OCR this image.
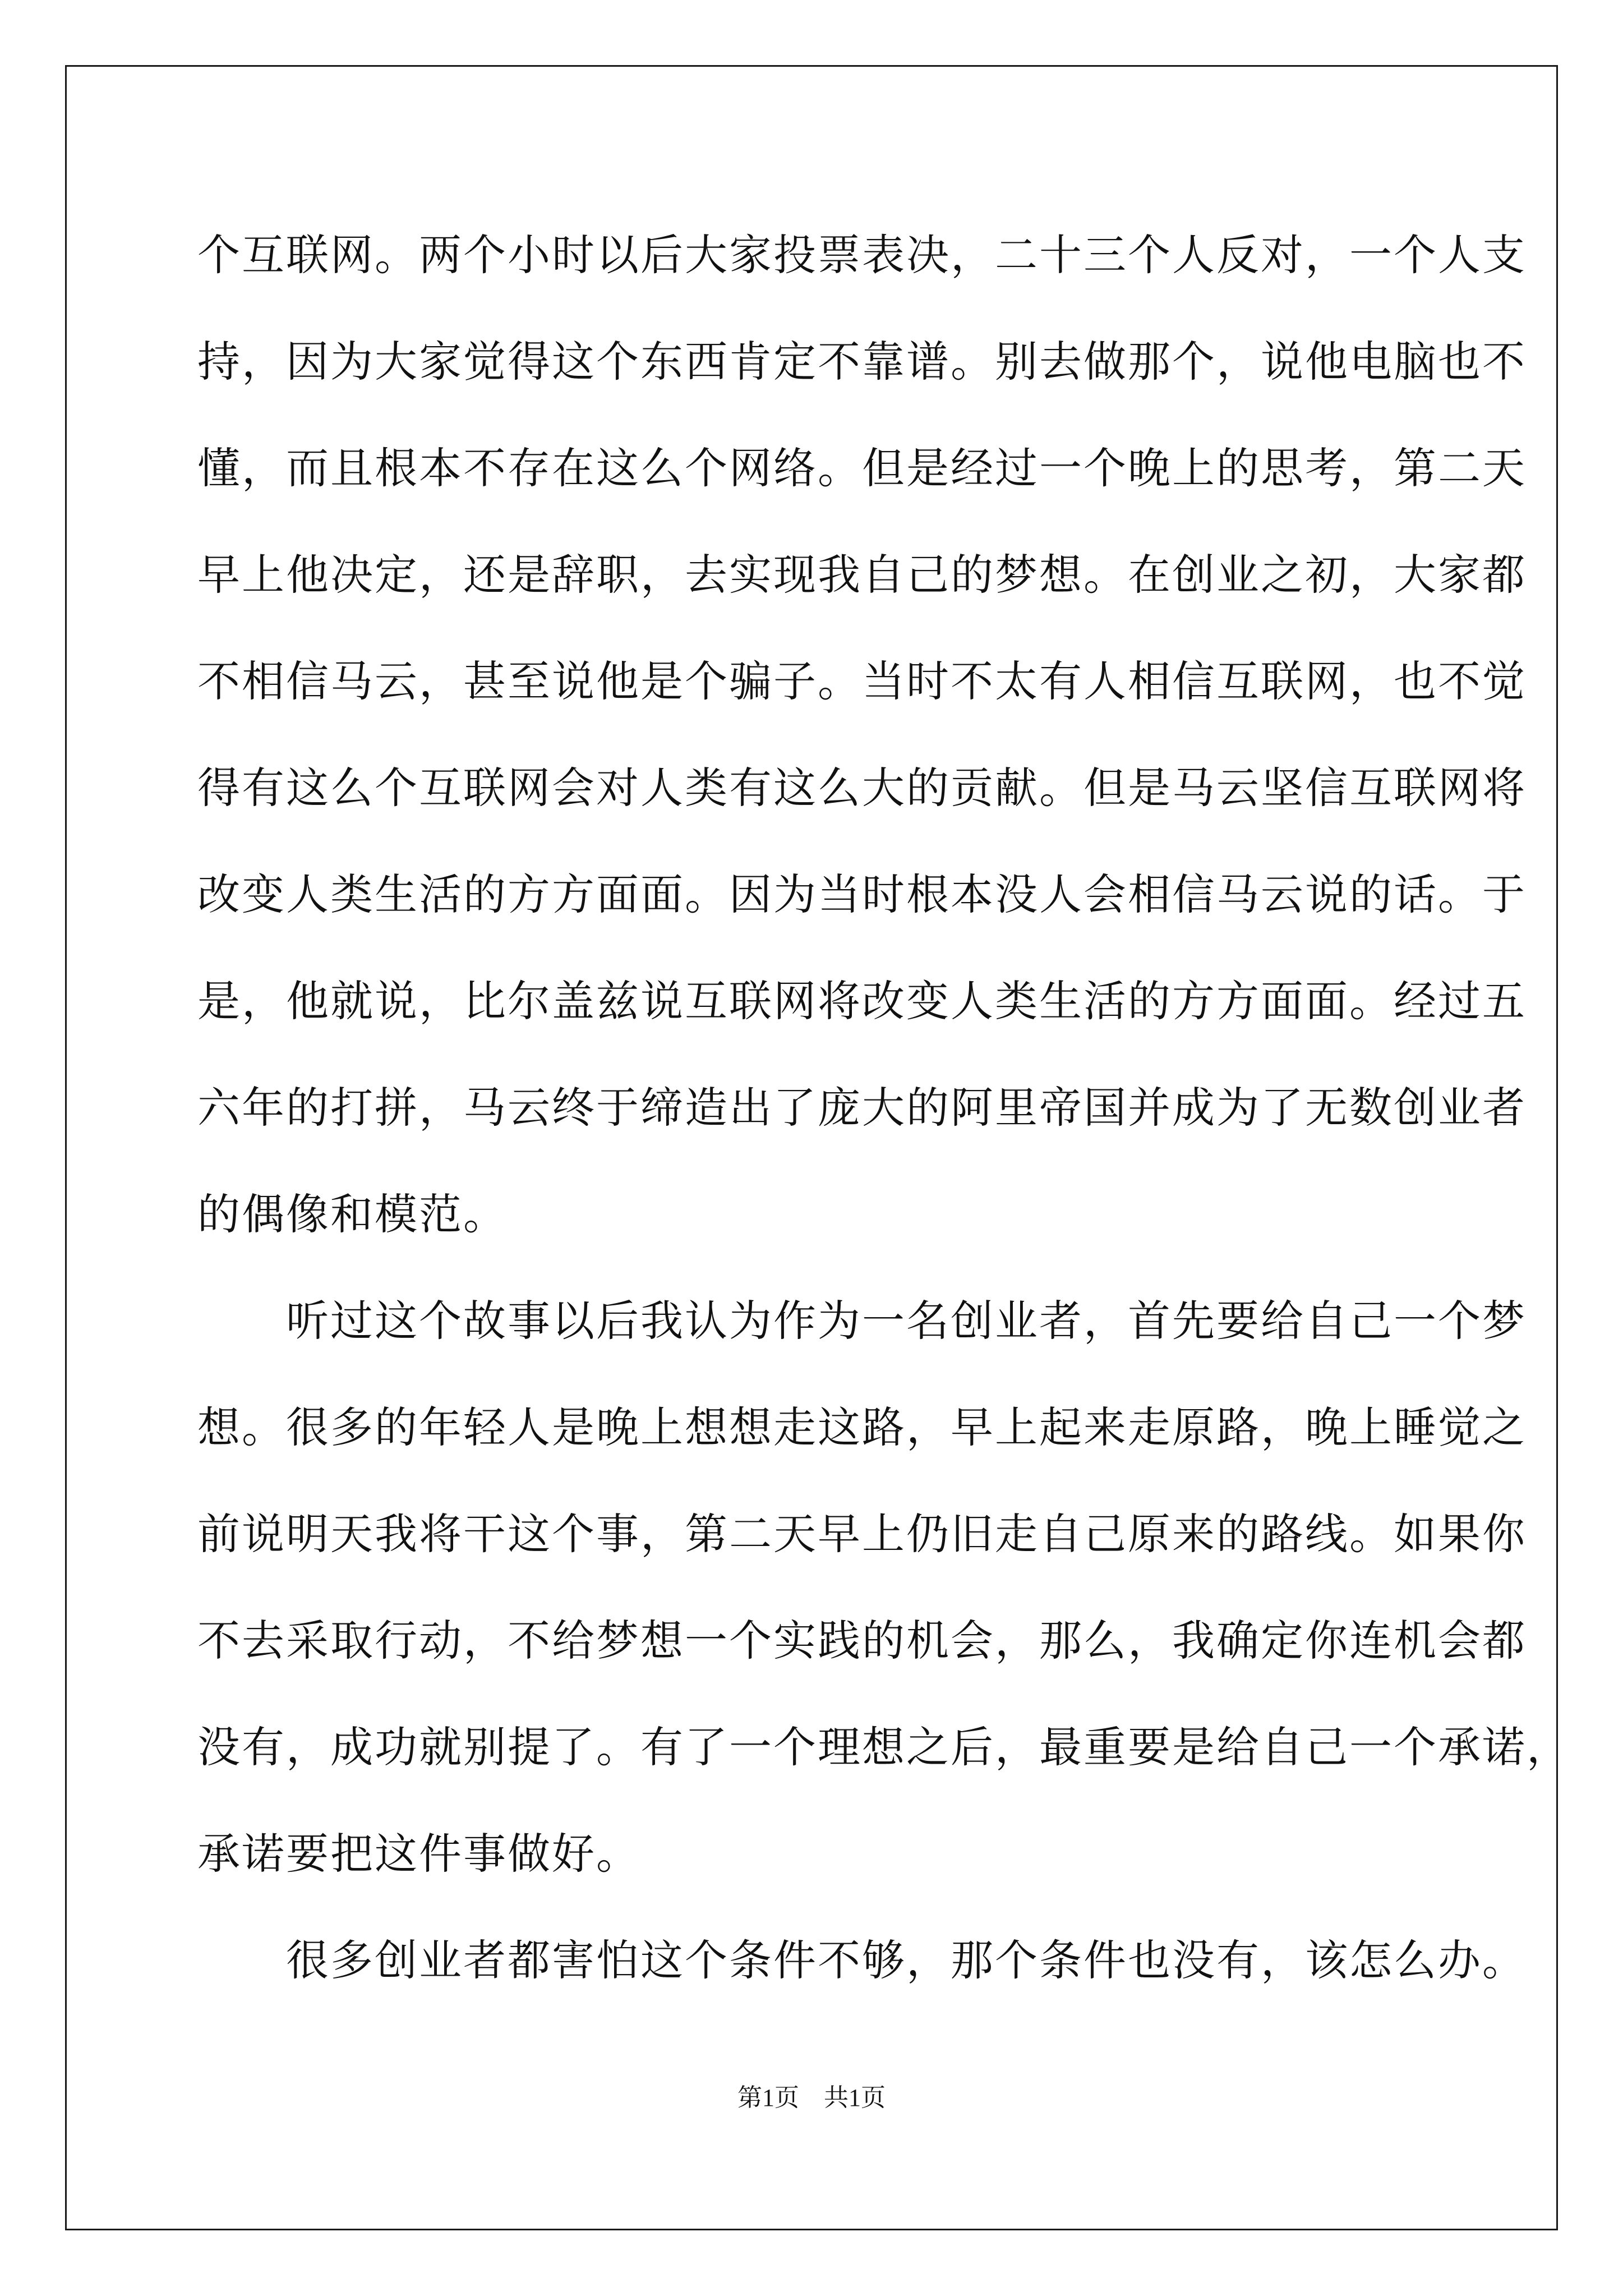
个互联网。两个小时以后大家投票表决，二十三个人反对，一个人支
持，因为大家觉得这个东西肯定不靠谱。别去做那个，说他电脑也不
懂，而且根本不存在这么个网络。但是经过一个晚上的思考，第二天
早上他决定，还是辞职，去实现我自己的梦想。在创业之初，大家都
不相信马云，甚至说他是个骗子。当时不太有人相信互联网，也不觉
得有这么个互联网会对人类有这么大的贡献。但是马云坚信互联网将
改变人类生活的方方面面。因为当时根本没人会相信马云说的话。于
是，他就说，比尔盖兹说互联网将改变人类生活的方方面面。经过五
六年的打拼，马云终于缔造出了庞大的阿里帝国并成为了无数创业者
的偶像和模范。
　　听过这个故事以后我认为作为一名创业者，首先要给自己一个梦
想。很多的年轻人是晚上想想走这路，早上起来走原路，晚上睡觉之
前说明天我将干这个事，第二天早上仍旧走自己原来的路线。如果你
不去采取行动，不给梦想一个实践的机会，那么，我确定你连机会都
没有，成功就别提了。有了一个理想之后，最重要是给自己一个承诺，
承诺要把这件事做好。
　　很多创业者都害怕这个条件不够，那个条件也没有，该怎么办。
第1页 共1页
